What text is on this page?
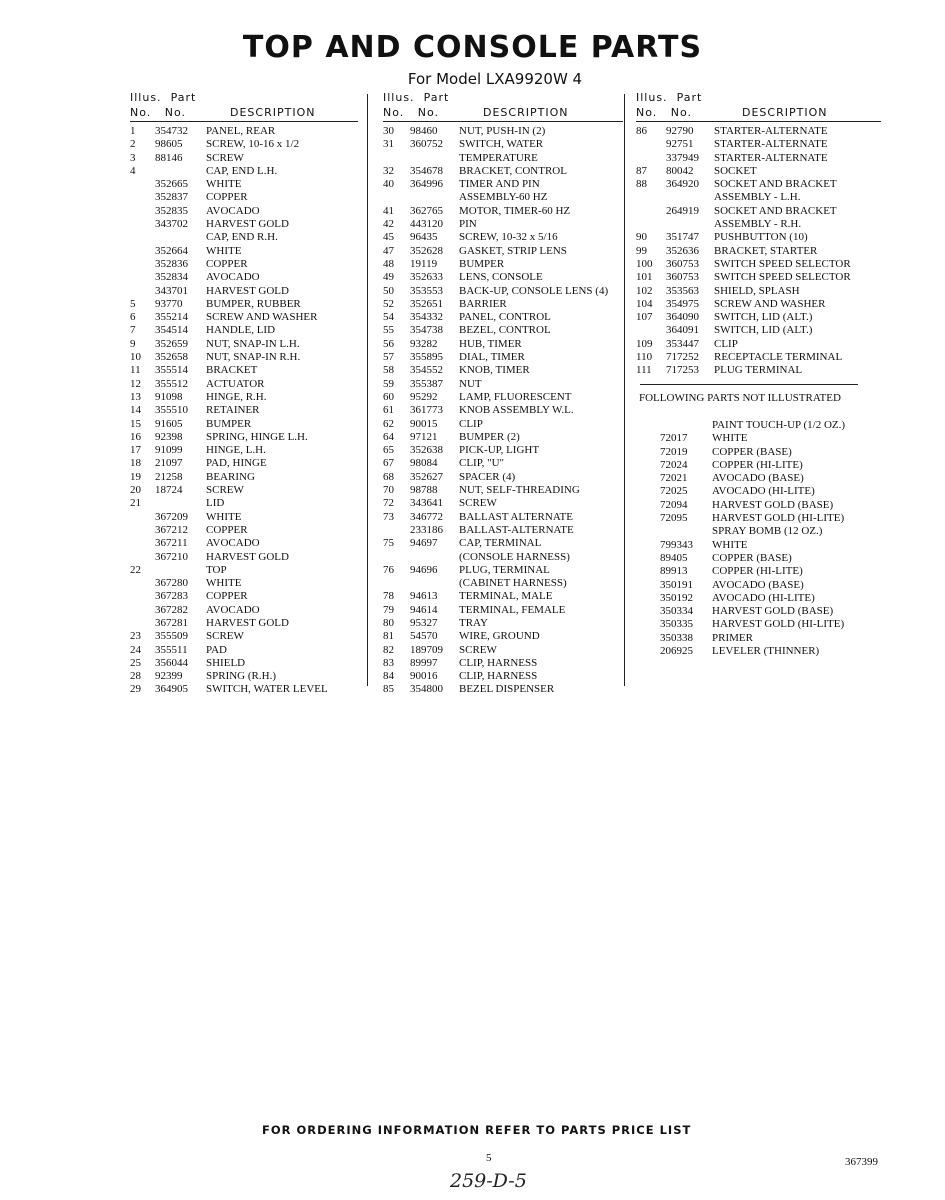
TOP AND CONSOLE PARTS
For Model LXA9920W 4
Illus. Part
No. No.	DESCRIPTION
1	354732 PANEL, REAR
2	98605 SCREW, 10-16 x 1/2
3	88146 SCREW
4	CAP, END L.H.
352665 WHITE
352837 COPPER
352835 AVOCADO
343702 HARVEST GOLD
CAP, END R.H.
352664 WHITE
352836 COPPER
352834 AVOCADO
343701 HARVEST GOLD
5	93770 BUMPER, RUBBER
6	355214 SCREW AND WASHER
7	354514 HANDLE, LID
9	352659 NUT, SNAP-IN L.H.
10	352658 NUT, SNAP-IN R.H.
11	355514 BRACKET
12	355512 ACTUATOR
13	91098 HINGE, R.H.
14	355510 RETAINER
15	91605 BUMPER
16	92398 SPRING, HINGE L.H.
17	91099 HINGE, L.H.
18	21097 PAD, HINGE
19	21258 BEARING
20	18724 SCREW
21	LID
367209 WHITE
367212 COPPER
367211 AVOCADO
367210 HARVEST GOLD
22	TOP
367280 WHITE
367283 COPPER
367282 AVOCADO
367281 HARVEST GOLD
23	355509 SCREW
24	355511 PAD
25	356044 SHIELD
28	92399 SPRING (R.H.)
29	364905 SWITCH, WATER LEVEL
Illus. Part
No. No.	DESCRIPTION
30	98460 NUT, PUSH-IN (2)
31	360752 SWITCH, WATER
TEMPERATURE
32	354678 BRACKET, CONTROL
40	364996 TIMER AND PIN
ASSEMBLY-60 HZ
41	362765 MOTOR, TIMER-60 HZ
42	443120 PIN
45	96435 SCREW, 10-32 x 5/16
47	352628 GASKET, STRIP LENS
48	19119 BUMPER
49	352633 LENS, CONSOLE
50	353553 BACK-UP, CONSOLE LENS (4)
52	352651 BARRIER
54	354332 PANEL, CONTROL
55	354738 BEZEL, CONTROL
56	93282 HUB, TIMER
57	355895 DIAL, TIMER
58	354552 KNOB, TIMER
59	355387 NUT
60	95292 LAMP, FLUORESCENT
61	361773 KNOB ASSEMBLY W.L.
62	90015 CLIP
64	97121 BUMPER (2)
65	352638 PICK-UP, LIGHT
67	98084 CLIP, "U"
68	352627 SPACER (4)
70	98788 NUT, SELF-THREADING
72	343641 SCREW
73	346772 BALLAST ALTERNATE
233186 BALLAST-ALTERNATE
75	94697 CAP, TERMINAL
(CONSOLE HARNESS)
76	94696 PLUG, TERMINAL
(CABINET HARNESS)
78	94613 TERMINAL, MALE
79	94614 TERMINAL, FEMALE
80	95327 TRAY
81	54570 WIRE, GROUND
82	189709 SCREW
83	89997 CLIP, HARNESS
84	90016 CLIP, HARNESS
85	354800 BEZEL DISPENSER
Illus. Part
No. No.	DESCRIPTION
86	92790 STARTER-ALTERNATE
92751 STARTER-ALTERNATE
337949 STARTER-ALTERNATE
87	80042 SOCKET
88	364920 SOCKET AND BRACKET
ASSEMBLY - L.H.
264919 SOCKET AND BRACKET
ASSEMBLY - R.H.
90	351747 PUSHBUTTON (10)
99	352636 BRACKET, STARTER
100	360753 SWITCH SPEED SELECTOR
101	360753 SWITCH SPEED SELECTOR
102	353563 SHIELD, SPLASH
104	354975 SCREW AND WASHER
107	364090 SWITCH, LID (ALT.)
364091 SWITCH, LID (ALT.)
109	353447 CLIP
110	717252 RECEPTACLE TERMINAL
111	717253 PLUG TERMINAL
FOLLOWING PARTS NOT ILLUSTRATED
PAINT TOUCH-UP (1/2 OZ.)
72017 WHITE
72019 COPPER (BASE)
72024 COPPER (HI-LITE)
72021 AVOCADO (BASE)
72025 AVOCADO (HI-LITE)
72094 HARVEST GOLD (BASE)
72095 HARVEST GOLD (HI-LITE)
SPRAY BOMB (12 OZ.)
799343 WHITE
89405 COPPER (BASE)
89913 COPPER (HI-LITE)
350191 AVOCADO (BASE)
350192 AVOCADO (HI-LITE)
350334 HARVEST GOLD (BASE)
350335 HARVEST GOLD (HI-LITE)
350338 PRIMER
206925 LEVELER (THINNER)
FOR ORDERING INFORMATION REFER TO PARTS PRICE LIST
5	367399
259-D-5
